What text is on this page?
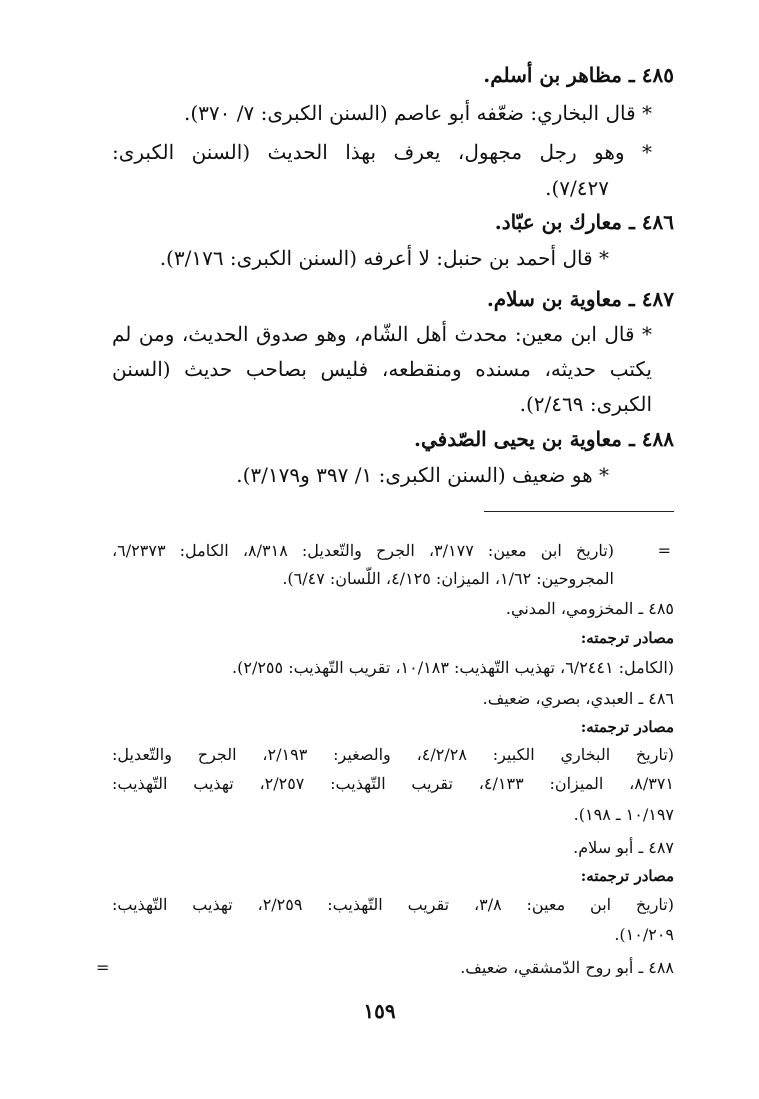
٤٨٥ ـ مظاهر بن أسلم.
* قال البخاري: ضعّفه أبو عاصم (السنن الكبرى: ٧/ ٣٧٠).
* وهو رجل مجهول، يعرف بهذا الحديث (السنن الكبرى:
٧/٤٢٧).
٤٨٦ ـ معارك بن عبّاد.
* قال أحمد بن حنبل: لا أعرفه (السنن الكبرى: ٣/١٧٦).
٤٨٧ ـ معاوية بن سلام.
* قال ابن معين: محدث أهل الشّام، وهو صدوق الحديث، ومن لم
يكتب حديثه، مسنده ومنقطعه، فليس بصاحب حديث (السنن
الكبرى: ٢/٤٦٩).
٤٨٨ ـ معاوية بن يحيى الصّدفي.
* هو ضعيف (السنن الكبرى: ١/ ٣٩٧ و٣/١٧٩).
=
(تاريخ ابن معين: ٣/١٧٧، الجرح والتّعديل: ٨/٣١٨، الكامل: ٦/٢٣٧٣،
المجروحين: ١/٦٢، الميزان: ٤/١٢٥، اللّسان: ٦/٤٧).
٤٨٥ ـ المخزومي، المدني.
مصادر ترجمته:
(الكامل: ٦/٢٤٤١، تهذيب التّهذيب: ١٠/١٨٣، تقريب التّهذيب: ٢/٢٥٥).
٤٨٦ ـ العبدي، بصري، ضعيف.
مصادر ترجمته:
(تاريخ البخاري الكبير: ٤/٢/٢٨، والصغير: ٢/١٩٣، الجرح والتّعديل:
٨/٣٧١، الميزان: ٤/١٣٣، تقريب التّهذيب: ٢/٢٥٧، تهذيب التّهذيب:
١٠/١٩٧ ـ ١٩٨).
٤٨٧ ـ أبو سلام.
مصادر ترجمته:
(تاريخ ابن معين: ٣/٨، تقريب التّهذيب: ٢/٢٥٩، تهذيب التّهذيب:
١٠/٢٠٩).
٤٨٨ ـ أبو روح الدّمشقي، ضعيف.
=
١٥٩
